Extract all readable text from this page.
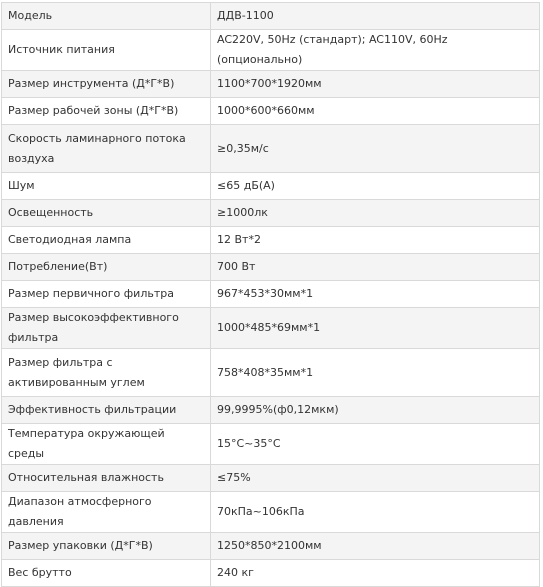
Модель	ДДВ-1100
Источник питания	AC220V, 50Hz (стандарт); AC110V, 60Hz (опционально)
Размер инструмента (Д*Г*В)	1100*700*1920мм
Размер рабочей зоны (Д*Г*В)	1000*600*660мм
Скорость ламинарного потока воздуха	≥0,35м/с
Шум	≤65 дБ(А)
Освещенность	≥1000лк
Светодиодная лампа	12 Вт*2
Потребление(Вт)	700 Вт
Размер первичного фильтра	967*453*30мм*1
Размер высокоэффективного фильтра	1000*485*69мм*1
Размер фильтра с активированным углем	758*408*35мм*1
Эффективность фильтрации	99,9995%(ф0,12мкм)
Температура окружающей среды	15°C~35°C
Относительная влажность	≤75%
Диапазон атмосферного давления	70кПа~106кПа
Размер упаковки (Д*Г*В)	1250*850*2100мм
Вес брутто	240 кг
